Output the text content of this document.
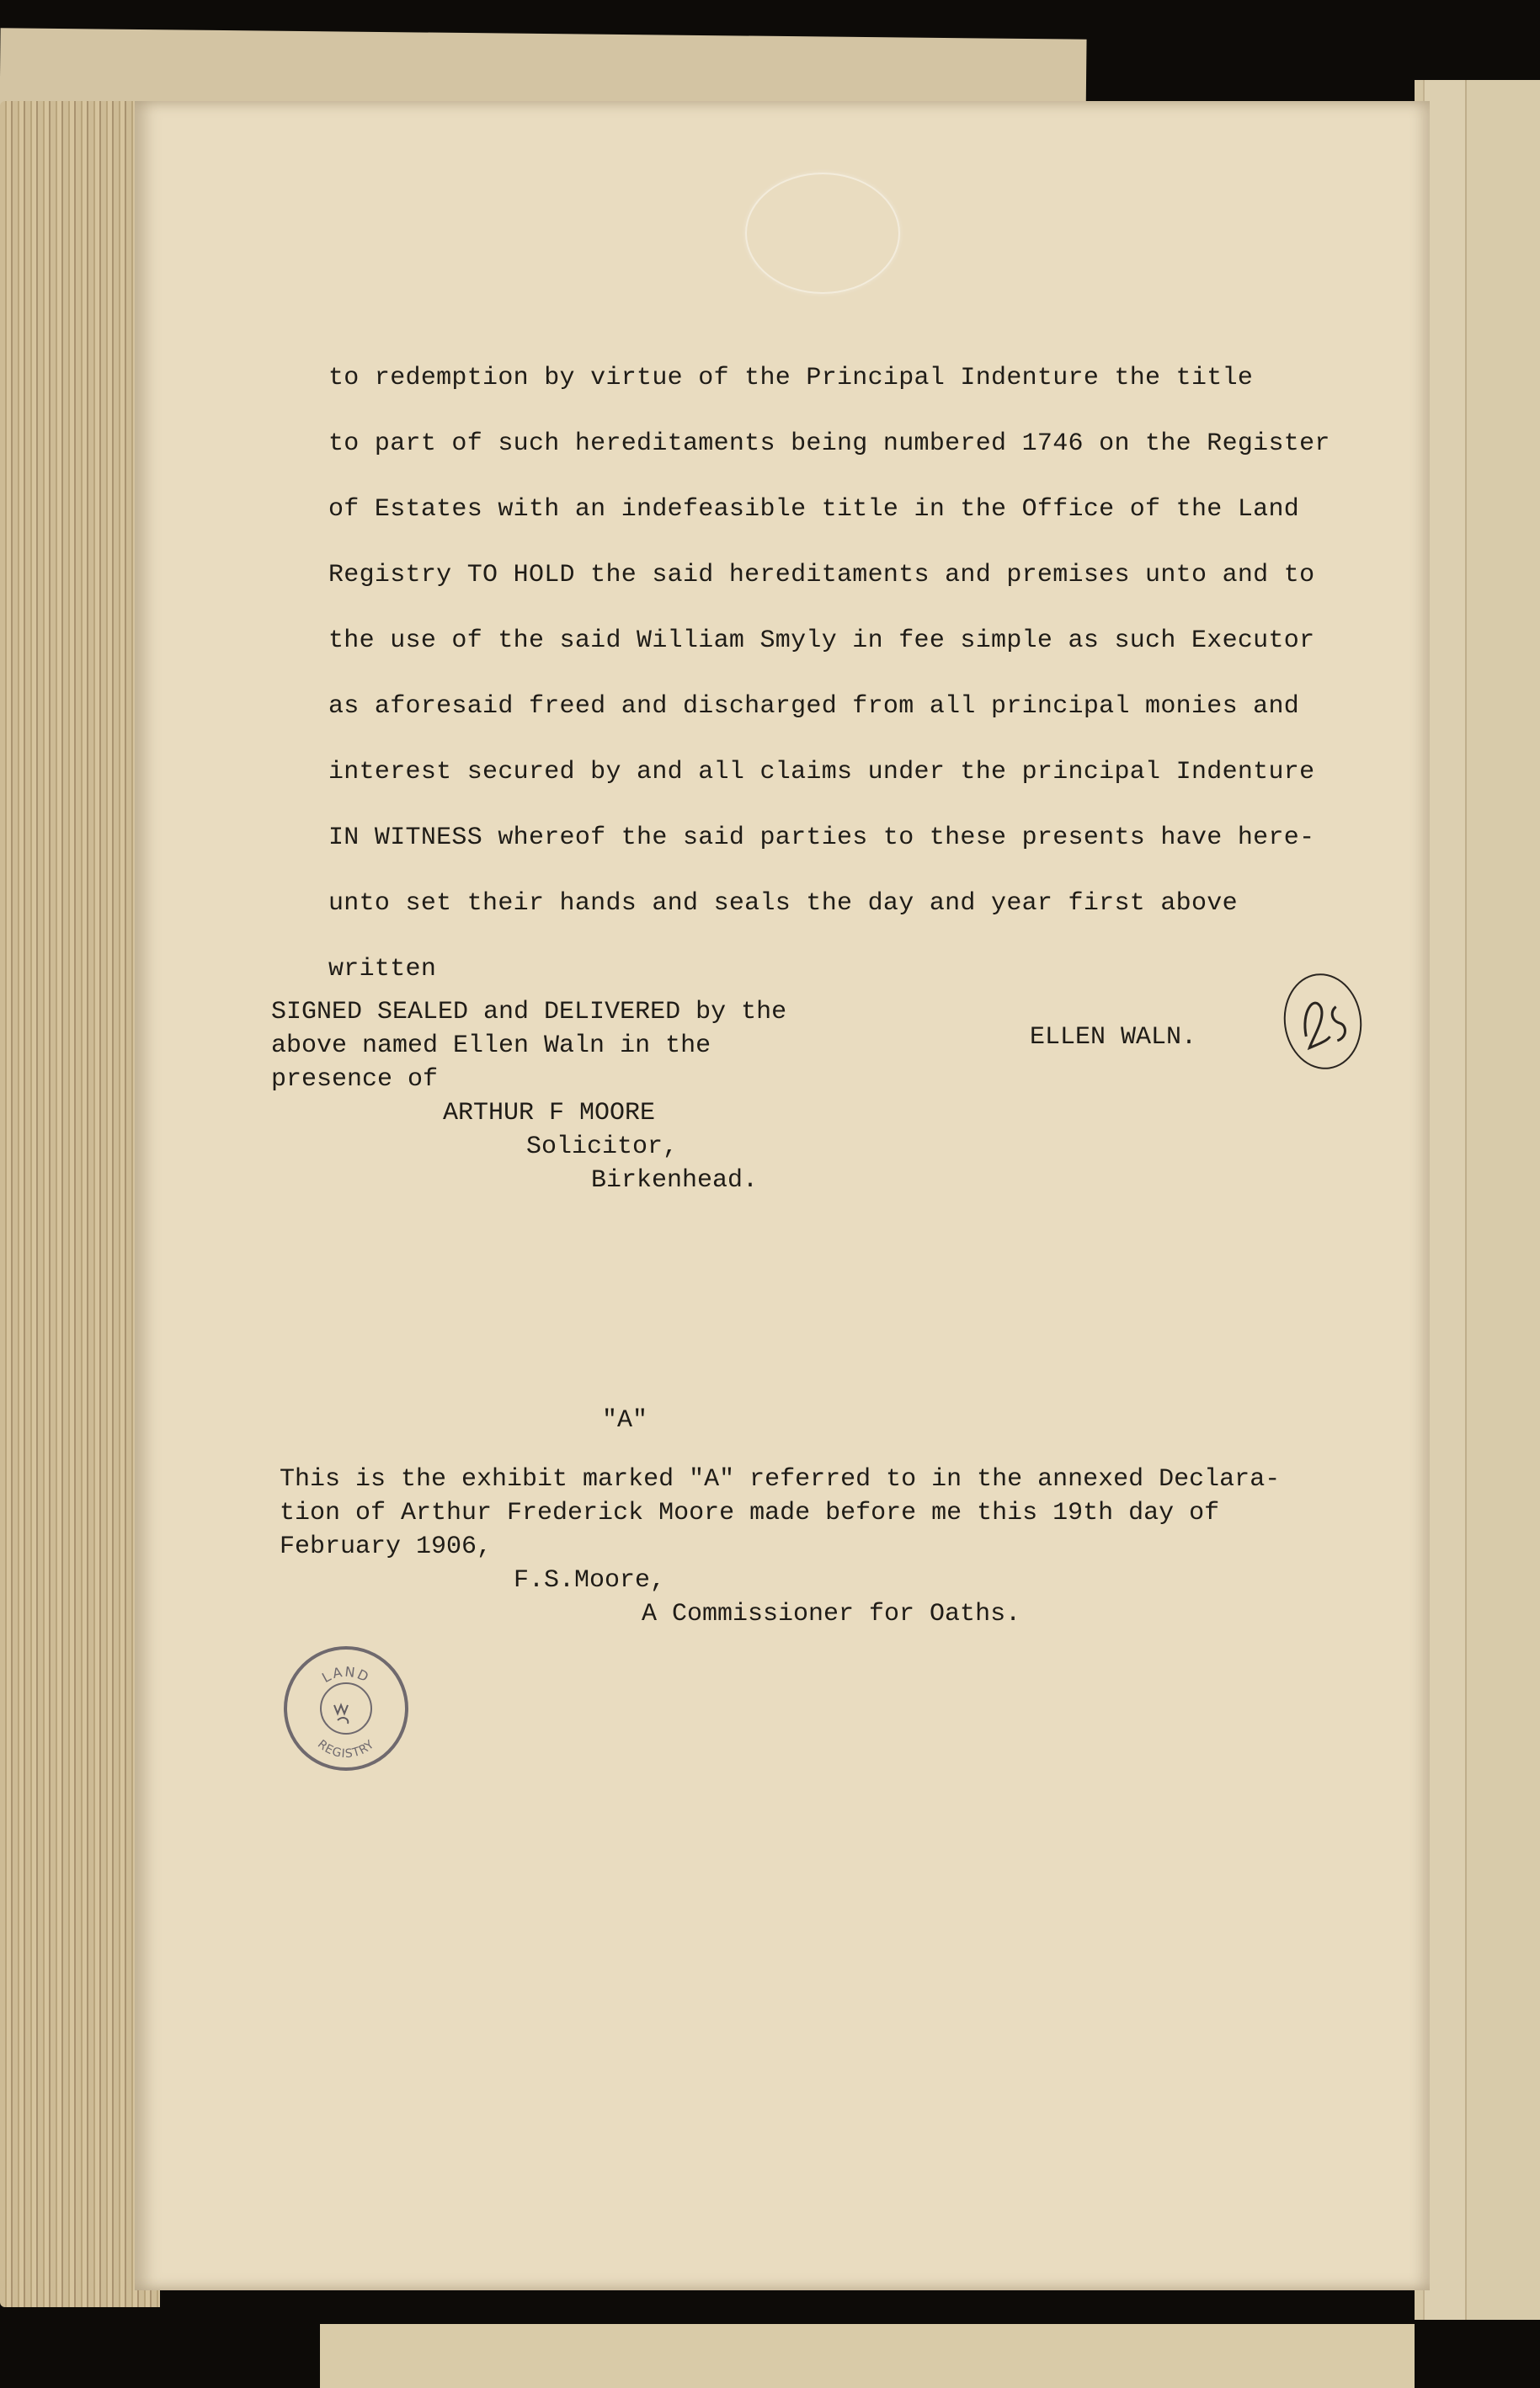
to redemption by virtue of the Principal Indenture the title
to part of such hereditaments being numbered 1746 on the Register
of Estates with an indefeasible title in the Office of the Land
Registry TO HOLD the said hereditaments and premises unto and to
the use of the said William Smyly in fee simple as such Executor
as aforesaid freed and discharged from all principal monies and
interest secured by and all claims under the principal Indenture
IN WITNESS whereof the said parties to these presents have here-
unto set their hands and seals the day and year first above
written
SIGNED SEALED and DELIVERED by the
above named Ellen Waln in the
presence of
ARTHUR F MOORE
Solicitor,
Birkenhead.
ELLEN WALN.
"A"
This is the exhibit marked "A" referred to in the annexed Declara-
tion of Arthur Frederick Moore made before me this 19th day of
February 1906,
F.S.Moore,
A Commissioner for Oaths.
LAND
REGISTRY
